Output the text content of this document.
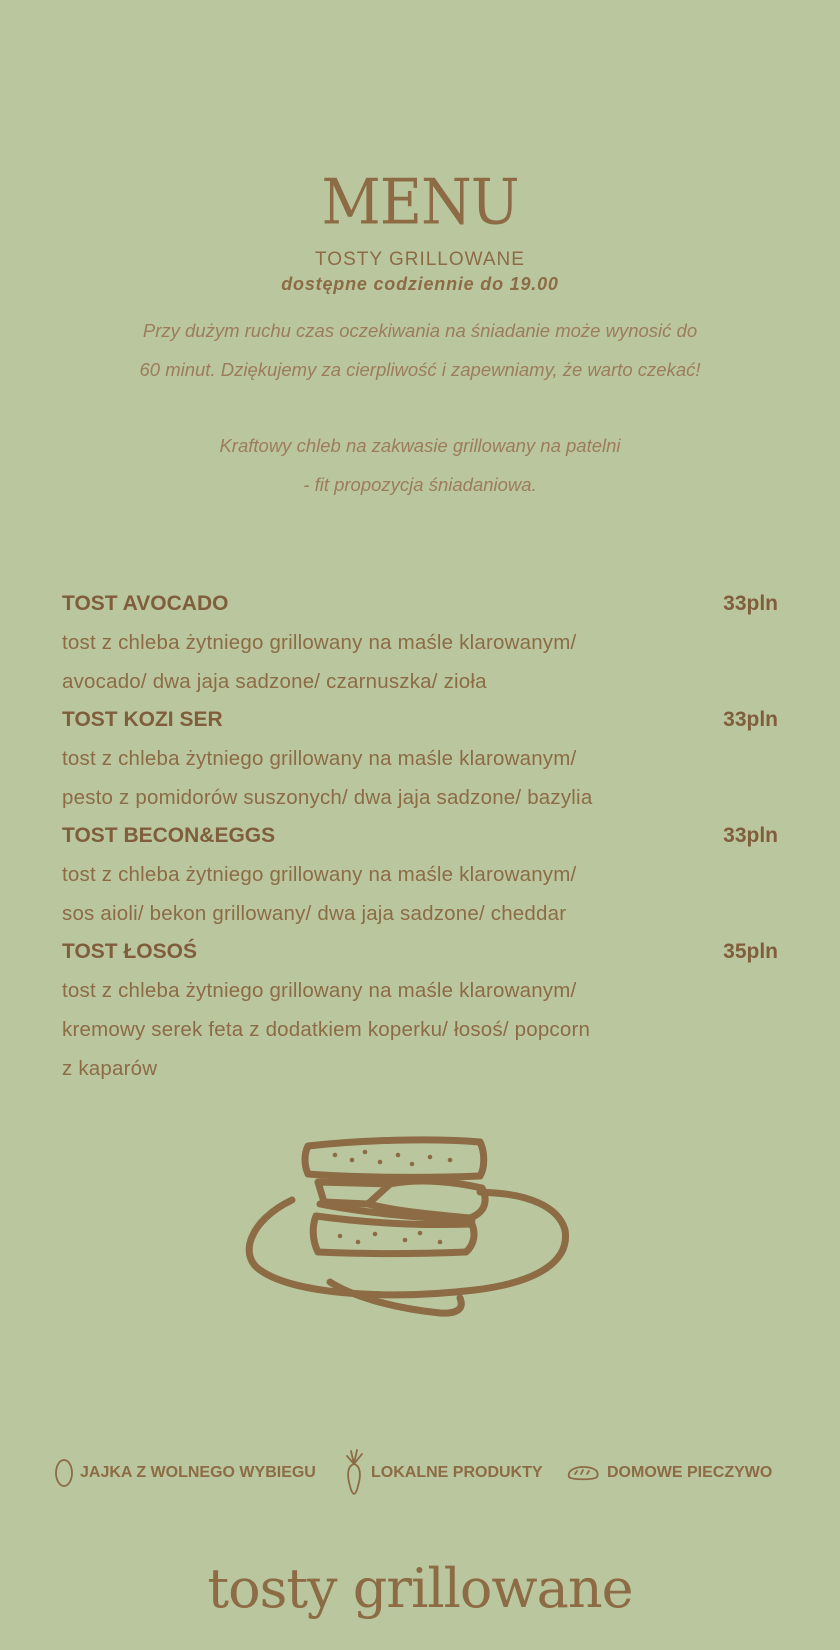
MENU
TOSTY GRILLOWANE
dostępne codziennie do 19.00
Przy dużym ruchu czas oczekiwania na śniadanie może wynosić do
60 minut. Dziękujemy za cierpliwość i zapewniamy, że warto czekać!
Kraftowy chleb na zakwasie grillowany na patelni
- fit propozycja śniadaniowa.
TOST AVOCADO	33pln
tost z chleba żytniego grillowany na maśle klarowanym/
avocado/ dwa jaja sadzone/ czarnuszka/ zioła
TOST KOZI SER	33pln
tost z chleba żytniego grillowany na maśle klarowanym/
pesto z pomidorów suszonych/ dwa jaja sadzone/ bazylia
TOST BECON&EGGS	33pln
tost z chleba żytniego grillowany na maśle klarowanym/
sos aioli/ bekon grillowany/ dwa jaja sadzone/ cheddar
TOST ŁOSOŚ	35pln
tost z chleba żytniego grillowany na maśle klarowanym/
kremowy serek feta z dodatkiem koperku/ łosoś/ popcorn
z kaparów
JAJKA Z WOLNEGO WYBIEGU	LOKALNE PRODUKTY	DOMOWE PIECZYWO
tosty grillowane
